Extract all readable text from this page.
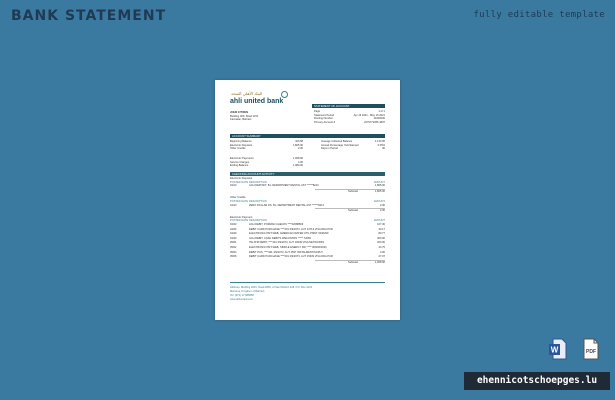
BANK STATEMENT	fully editable template
البنك الأهلي المتحد
ahli united bank
JOHN CITIZEN
Building 000, Road 1971
Karzakan, Bahrain
STATEMENT OF ACCOUNT
Page	1 of 1
Statement Period	Apr 16 2021 - May 16 2021
Routing Number	11000000
Primary Account #	2279772366 4897
ACCOUNT SUMMARY
Beginning Balance	420.58
Electronic Deposits	1,865.00
Other Credits	2.00
Average Collected Balance	1,130.95
Annual Percentage Yield Earned	0.05%
Days in Period	30
Electronic Payments	1,068.96
Service Charges	4.00
Ending Balance	1,080.00
CHECKING ACCOUNT ACTIVITY
Electronic Deposits
POSTED DATE DESCRIPTION	AMOUNT
04/13	ACH DEPOSIT, B.L DEPARTMENT RENTAL AST ******8213	1,865.00
Subtotal:	1,865.00
Other Credits
POSTED DATE DESCRIPTION	AMOUNT
04/13	ZERO DOLLAR DS, B.L DEPARTMENT RENTAL AST ******8213	2.00
Subtotal:	2.00
Electronic Payment
POSTED DATE DESCRIPTION	AMOUNT
04/23	ACH DEBIT, PORMAN CHECKS ****22688809	107.30
04/26	DEBIT CARD PURCHASE ****401 3/9/2073, AUT 13713 VISA DDA PUR	30.17
04/29	ELECTRONIC PMT-WEB, AMERICAN WATER UTIL PMNT 0030299	80.77
04/30	ACH DEBIT, CASH DEBITS WELFINTRN ***** 72083	300.00
05/01	ITE ATM DEBIT, ****401 3/9/2073, AUT 18439 VISA NETWORKS	200.00
05/02	ELECTRONIC PMT-WEB, SIMPLE ENERGY PAY **** 0000001930	44.75
05/04	DEBIT POS, ****401 3/9/2073, AUT 4597 INSTALMENT/SOPHY	3.00
05/06	DEBIT CARD PURCHASE ****401 3/9/2073, AUT 15339 VISA DDA PUR	27.07
Subtotal:	1,068.96
Address: Building 2003, Road 2830, Al Seef District 428, P.O. Box 2424
Manama, Kingdom of Bahrain
Tel: (973) 17 585858
www.ahliunited.com
W	PDF
ehennicotschoepges.lu
